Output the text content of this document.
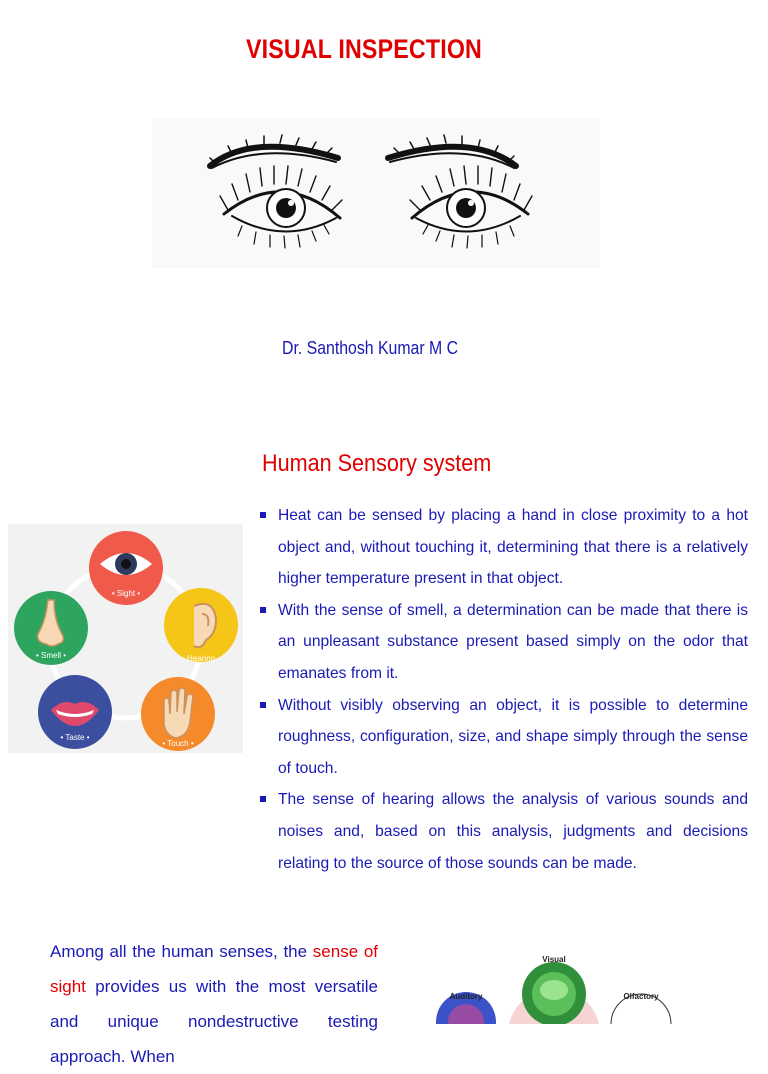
VISUAL INSPECTION
Dr. Santhosh Kumar M C
Human Sensory system
• Sight •
Hearing
• Touch •
• Taste •
• Smell •
Heat can be sensed by placing a hand in close proximity to a hot object and, without touching it, determining that there is a relatively higher temperature present in that object.
With the sense of smell, a determination can be made that there is an unpleasant substance present based simply on the odor that emanates from it.
Without visibly observing an object, it is possible to determine roughness, configuration, size, and shape simply through the sense of touch.
The sense of hearing allows the analysis of various sounds and noises and, based on this analysis, judgments and decisions relating to the source of those sounds can be made.
Among all the human senses, the sense of sight provides us with the most versatile and unique nondestructive testing approach. When
Visual
Auditory	Olfactory
